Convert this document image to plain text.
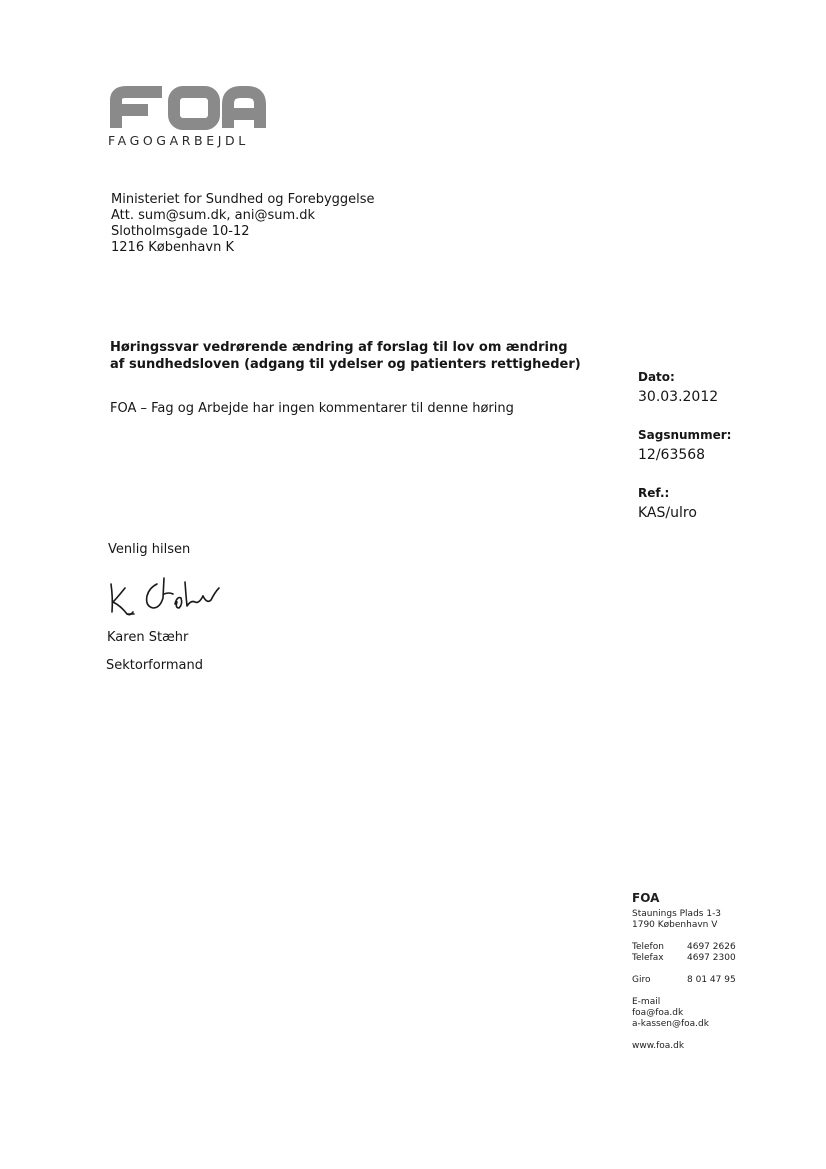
FAGOGARBEJDL
Ministeriet for Sundhed og Forebyggelse
Att. sum@sum.dk, ani@sum.dk
Slotholmsgade 10-12
1216 København K
Høringssvar vedrørende ændring af forslag til lov om ændring
af sundhedsloven (adgang til ydelser og patienters rettigheder)
FOA – Fag og Arbejde har ingen kommentarer til denne høring
Dato:
30.03.2012
Sagsnummer:
12/63568
Ref.:
KAS/ulro
Venlig hilsen
Karen Stæhr
Sektorformand
FOA
Staunings Plads 1-3
1790 København V
Telefon	4697 2626
Telefax	4697 2300
Giro	8 01 47 95
E-mail
foa@foa.dk
a-kassen@foa.dk
www.foa.dk
